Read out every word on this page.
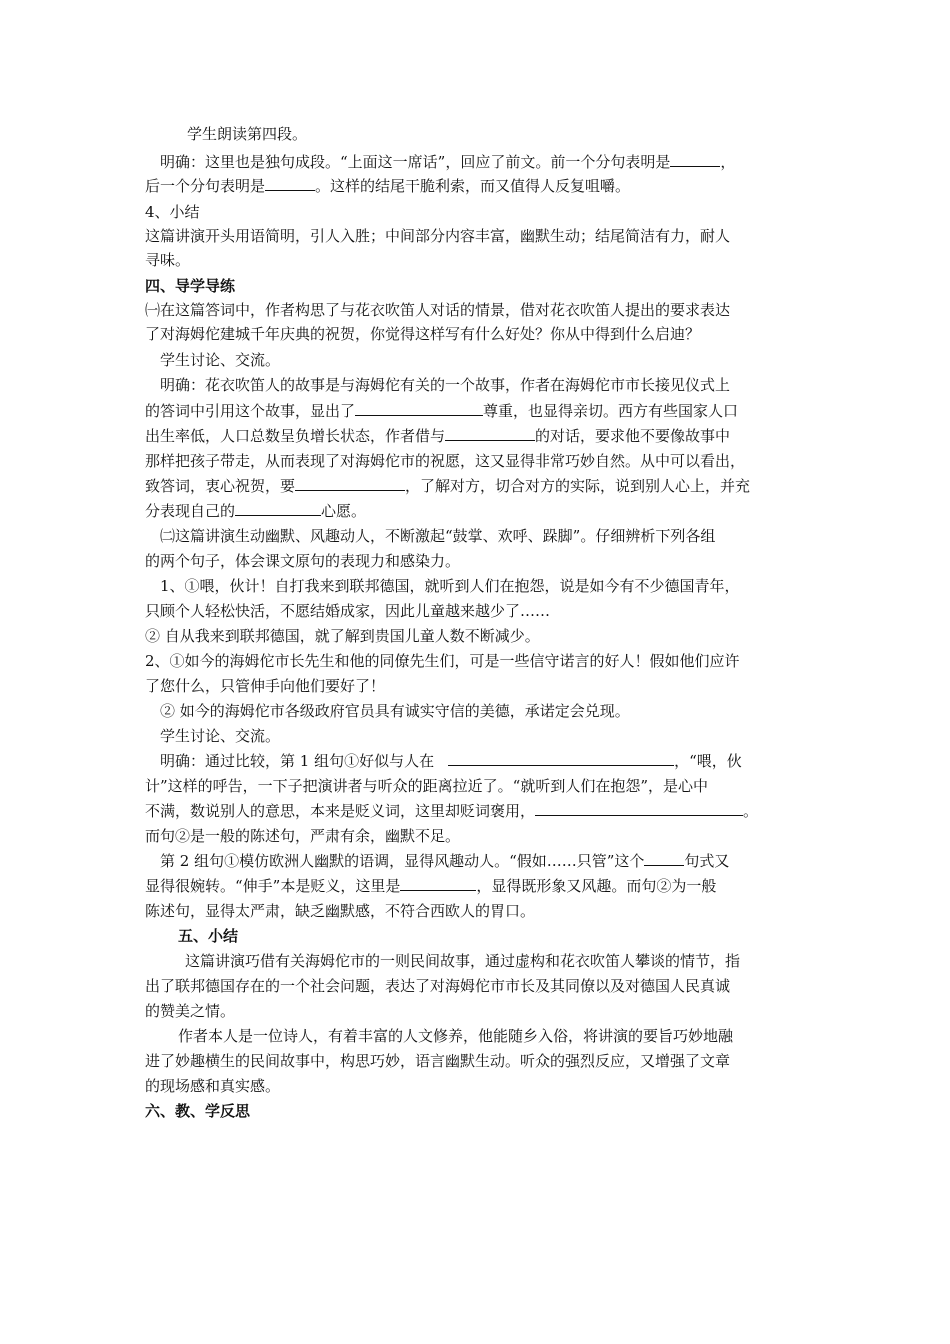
学生朗读第四段。
明确：这里也是独句成段。“上面这一席话”，回应了前文。前一个分句表明是	，
后一个分句表明是	。这样的结尾干脆利索，而又值得人反复咀嚼。
4、小结
这篇讲演开头用语简明，引人入胜；中间部分内容丰富，幽默生动；结尾简洁有力，耐人
寻味。
四、导学导练
㈠在这篇答词中，作者构思了与花衣吹笛人对话的情景，借对花衣吹笛人提出的要求表达
了对海姆佗建城千年庆典的祝贺，你觉得这样写有什么好处？你从中得到什么启迪？
学生讨论、交流。
明确：花衣吹笛人的故事是与海姆佗有关的一个故事，作者在海姆佗市市长接见仪式上
的答词中引用这个故事，显出了	尊重，也显得亲切。西方有些国家人口
出生率低，人口总数呈负增长状态，作者借与	的对话，要求他不要像故事中
那样把孩子带走，从而表现了对海姆佗市的祝愿，这又显得非常巧妙自然。从中可以看出，
致答词，衷心祝贺，要	，了解对方，切合对方的实际，说到别人心上，并充
分表现自己的	心愿。
㈡这篇讲演生动幽默、风趣动人，不断激起“鼓掌、欢呼、跺脚”。仔细辨析下列各组
的两个句子，体会课文原句的表现力和感染力。
1、①喂，伙计！自打我来到联邦德国，就听到人们在抱怨，说是如今有不少德国青年，
只顾个人轻松快活，不愿结婚成家，因此儿童越来越少了……
② 自从我来到联邦德国，就了解到贵国儿童人数不断减少。
2、①如今的海姆佗市长先生和他的同僚先生们，可是一些信守诺言的好人！假如他们应许
了您什么，只管伸手向他们要好了！
② 如今的海姆佗市各级政府官员具有诚实守信的美德，承诺定会兑现。
学生讨论、交流。
明确：通过比较，第 1 组句①好似与人在	，“喂，伙
计”这样的呼告，一下子把演讲者与听众的距离拉近了。“就听到人们在抱怨”，是心中
不满，数说别人的意思，本来是贬义词，这里却贬词褒用，	。
而句②是一般的陈述句，严肃有余，幽默不足。
第 2 组句①模仿欧洲人幽默的语调，显得风趣动人。“假如……只管”这个	句式又
显得很婉转。“伸手”本是贬义，这里是	，显得既形象又风趣。而句②为一般
陈述句，显得太严肃，缺乏幽默感，不符合西欧人的胃口。
五、小结
这篇讲演巧借有关海姆佗市的一则民间故事，通过虚构和花衣吹笛人攀谈的情节，指
出了联邦德国存在的一个社会问题，表达了对海姆佗市市长及其同僚以及对德国人民真诚
的赞美之情。
作者本人是一位诗人，有着丰富的人文修养，他能随乡入俗，将讲演的要旨巧妙地融
进了妙趣横生的民间故事中，构思巧妙，语言幽默生动。听众的强烈反应，又增强了文章
的现场感和真实感。
六、教、学反思
